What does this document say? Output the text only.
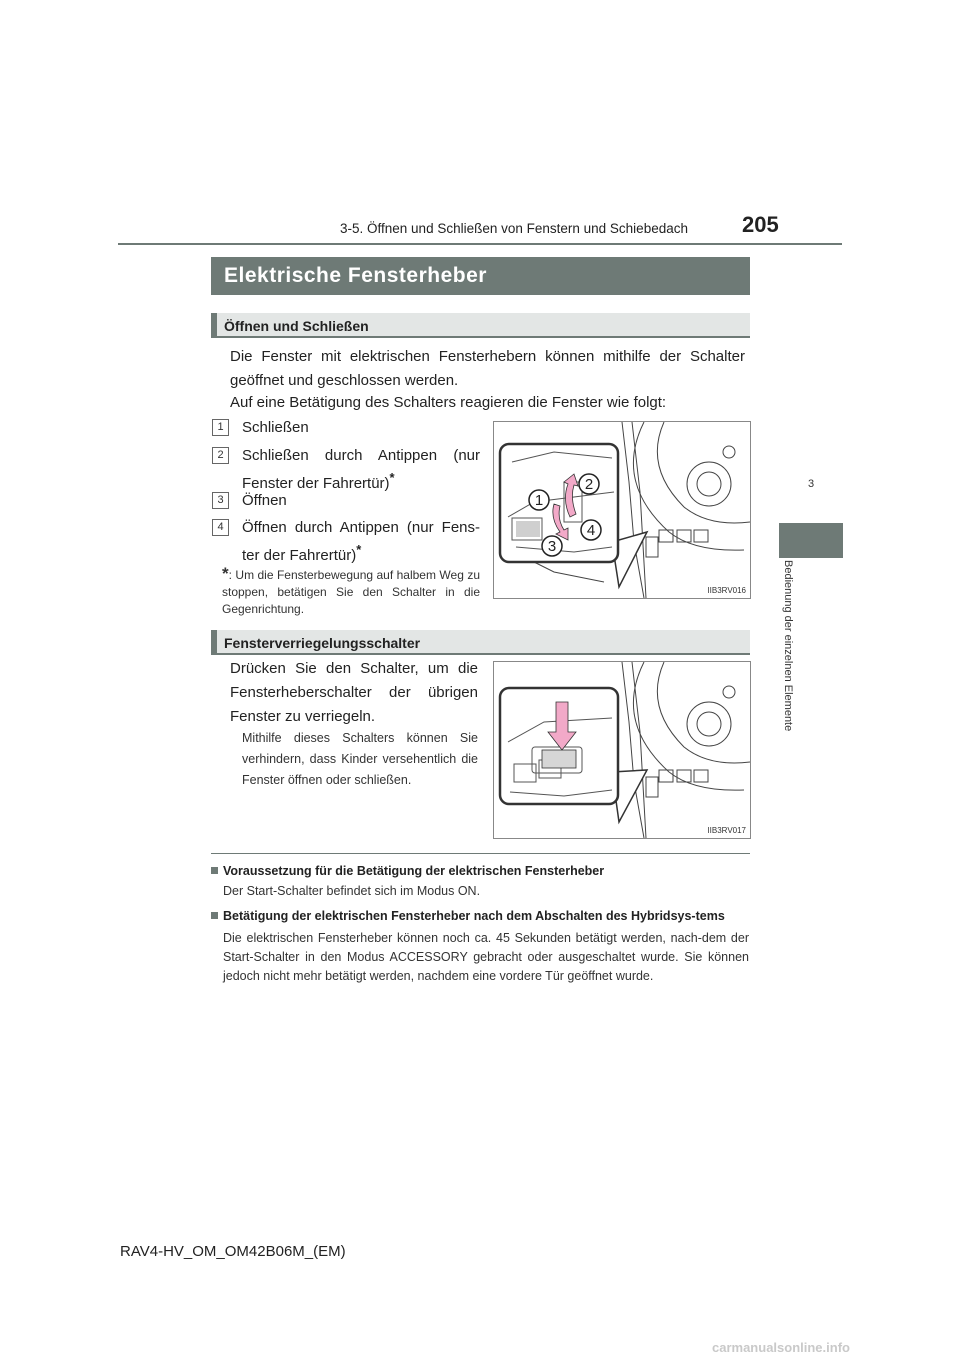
3-5. Öffnen und Schließen von Fenstern und Schiebedach 205
3
Bedienung der einzelnen Elemente
Elektrische Fensterheber
Öffnen und Schließen
Die Fenster mit elektrischen Fensterhebern können mithilfe der Schalter geöffnet und geschlossen werden.
Auf eine Betätigung des Schalters reagieren die Fenster wie folgt:
1	Schließen
2	Schließen durch Antippen (nur Fenster der Fahrertür)*
3	Öffnen
4	Öffnen durch Antippen (nur Fens-ter der Fahrertür)*
*: Um die Fensterbewegung auf halbem Weg zu stoppen, betätigen Sie den Schalter in die Gegenrichtung.
1
2
3
4
IIB3RV016
Fensterverriegelungsschalter
Drücken Sie den Schalter, um die Fensterheberschalter der übrigen Fenster zu verriegeln.
Mithilfe dieses Schalters können Sie verhindern, dass Kinder versehentlich die Fenster öffnen oder schließen.
IIB3RV017
Voraussetzung für die Betätigung der elektrischen Fensterheber
Der Start-Schalter befindet sich im Modus ON.
Betätigung der elektrischen Fensterheber nach dem Abschalten des Hybridsys-tems
Die elektrischen Fensterheber können noch ca. 45 Sekunden betätigt werden, nach-dem der Start-Schalter in den Modus ACCESSORY gebracht oder ausgeschaltet wurde. Sie können jedoch nicht mehr betätigt werden, nachdem eine vordere Tür geöffnet wurde.
RAV4-HV_OM_OM42B06M_(EM)
carmanualsonline.info
